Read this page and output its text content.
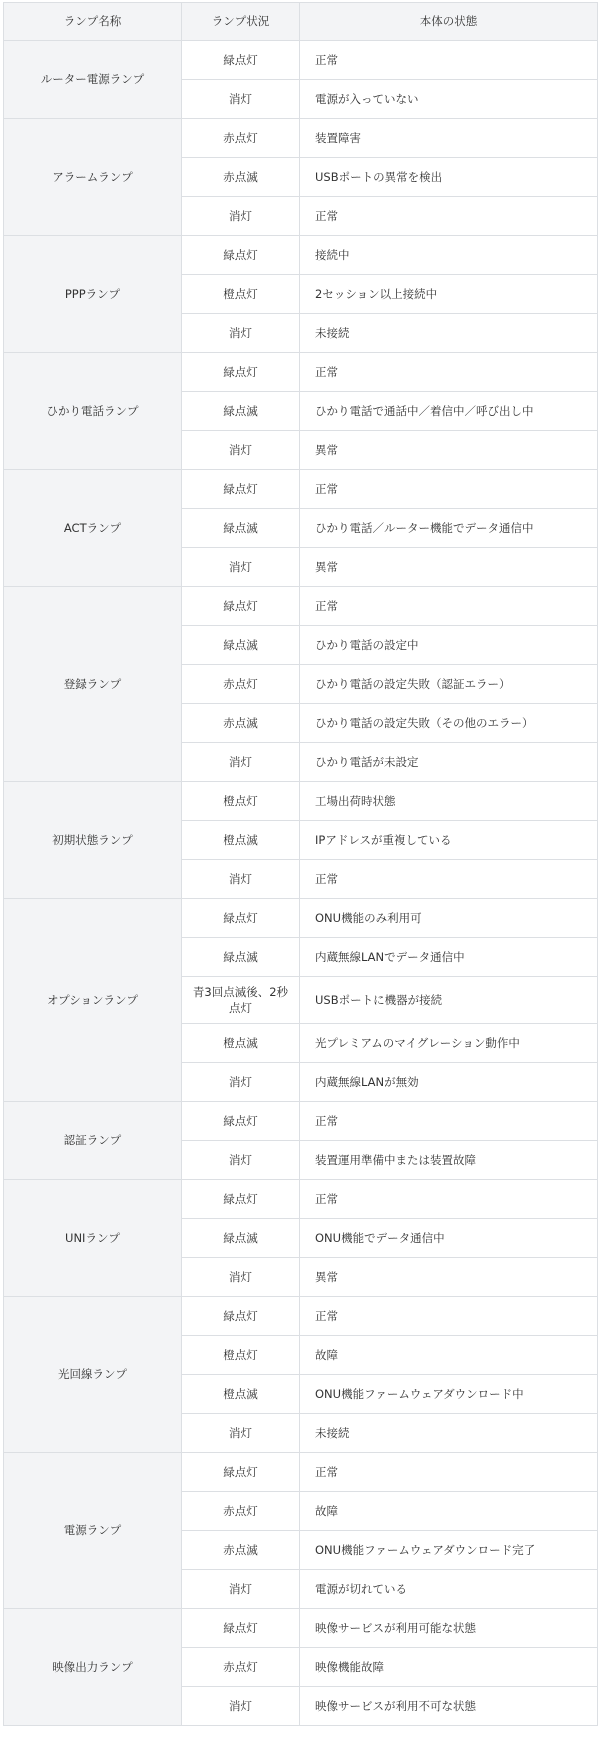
ランプ名称	ランプ状況	本体の状態
ルーター電源ランプ	緑点灯	正常
	消灯	電源が入っていない
アラームランプ	赤点灯	装置障害
	赤点滅	USBポートの異常を検出
	消灯	正常
PPPランプ	緑点灯	接続中
	橙点灯	2セッション以上接続中
	消灯	未接続
ひかり電話ランプ	緑点灯	正常
	緑点滅	ひかり電話で通話中／着信中／呼び出し中
	消灯	異常
ACTランプ	緑点灯	正常
	緑点滅	ひかり電話／ルーター機能でデータ通信中
	消灯	異常
登録ランプ	緑点灯	正常
	緑点滅	ひかり電話の設定中
	赤点灯	ひかり電話の設定失敗（認証エラー）
	赤点滅	ひかり電話の設定失敗（その他のエラー）
	消灯	ひかり電話が未設定
初期状態ランプ	橙点灯	工場出荷時状態
	橙点滅	IPアドレスが重複している
	消灯	正常
オプションランプ	緑点灯	ONU機能のみ利用可
	緑点滅	内蔵無線LANでデータ通信中
	青3回点滅後、2秒点灯	USBポートに機器が接続
	橙点滅	光プレミアムのマイグレーション動作中
	消灯	内蔵無線LANが無効
認証ランプ	緑点灯	正常
	消灯	装置運用準備中または装置故障
UNIランプ	緑点灯	正常
	緑点滅	ONU機能でデータ通信中
	消灯	異常
光回線ランプ	緑点灯	正常
	橙点灯	故障
	橙点滅	ONU機能ファームウェアダウンロード中
	消灯	未接続
電源ランプ	緑点灯	正常
	赤点灯	故障
	赤点滅	ONU機能ファームウェアダウンロード完了
	消灯	電源が切れている
映像出力ランプ	緑点灯	映像サービスが利用可能な状態
	赤点灯	映像機能故障
	消灯	映像サービスが利用不可な状態
